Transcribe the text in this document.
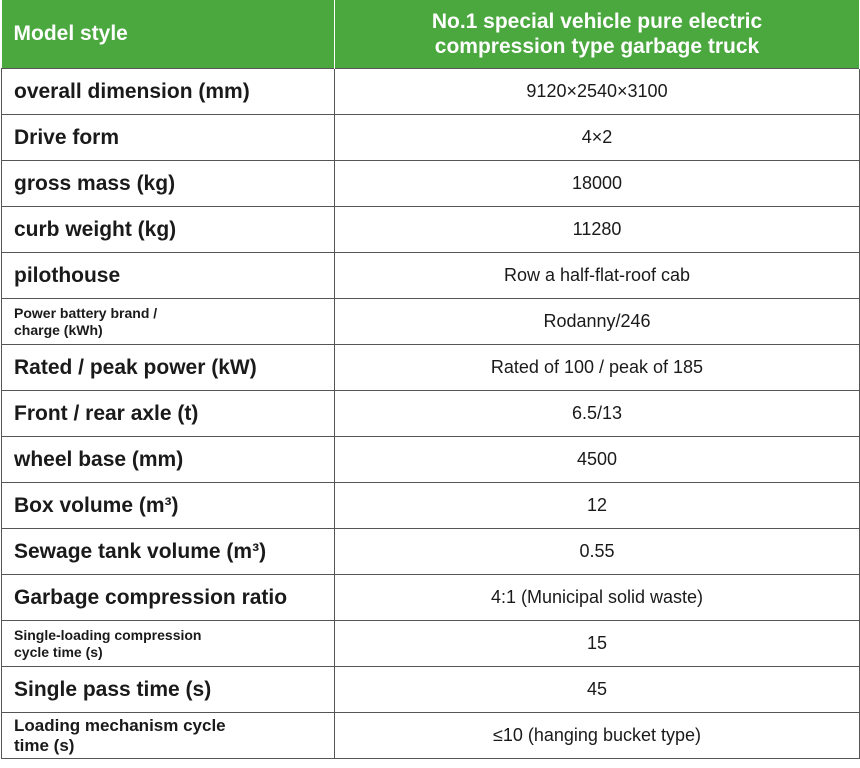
Model style	No.1 special vehicle pure electric
compression type garbage truck
overall dimension (mm)	9120×2540×3100
Drive form	4×2
gross mass (kg)	18000
curb weight (kg)	11280
pilothouse	Row a half-flat-roof cab
Power battery brand /
charge (kWh)	Rodanny/246
Rated / peak power (kW)	Rated of 100 / peak of 185
Front / rear axle (t)	6.5/13
wheel base (mm)	4500
Box volume (m³)	12
Sewage tank volume (m³)	0.55
Garbage compression ratio	4:1 (Municipal solid waste)
Single-loading compression
cycle time (s)	15
Single pass time (s)	45
Loading mechanism cycle
time (s)	≤10 (hanging bucket type)
